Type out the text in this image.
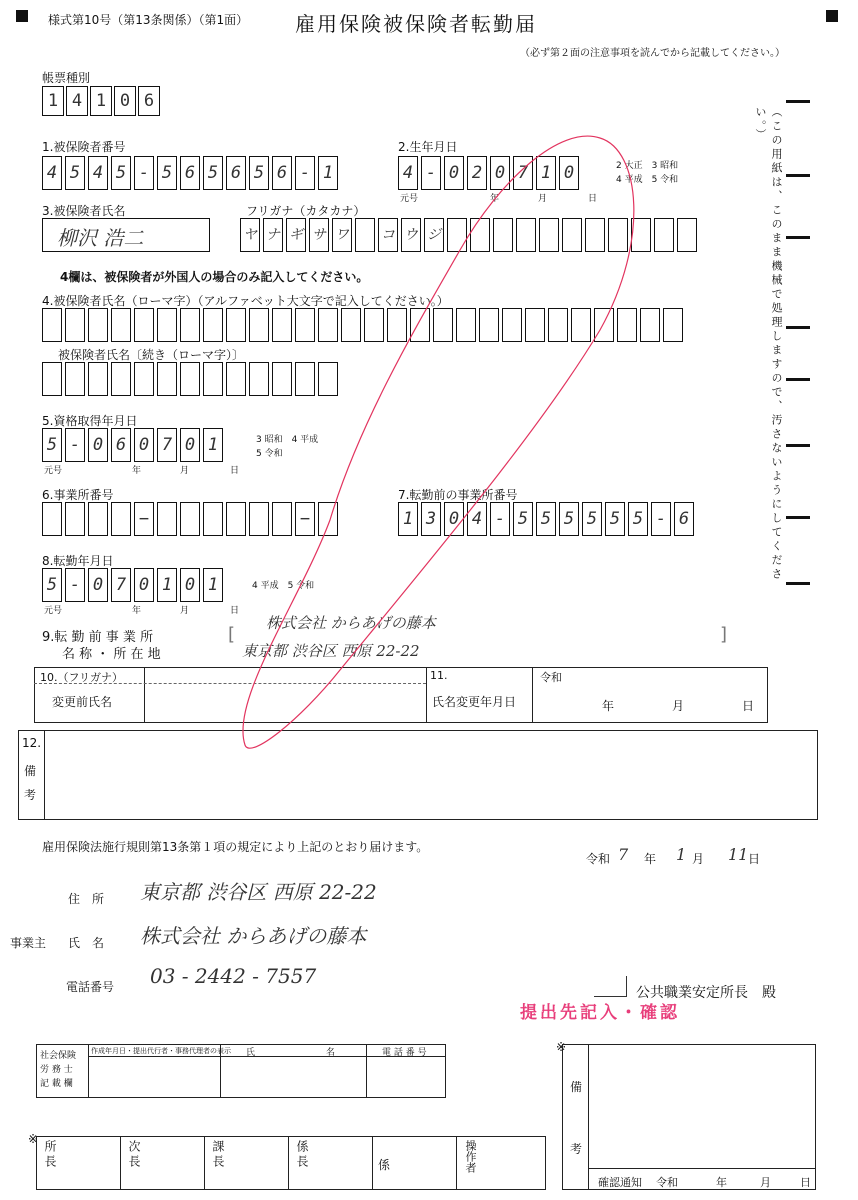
様式第10号（第13条関係）（第1面） 雇用保険被保険者転勤届
（必ず第２面の注意事項を読んでから記載してください。）
帳票種別
1 4 1 0 6
1.被保険者番号
4 5 4 5 - 5 6 5 6 5 6 - 1
2.生年月日
4 - 0 2 0 7 1 0
元号	年	月	日
2 大正　3 昭和
4 平成　5 令和
3.被保険者氏名
柳沢 浩二
フリガナ（カタカナ）
ヤ ナ ギ サ ワ コ ウ ジ
4欄は、被保険者が外国人の場合のみ記入してください。
4.被保険者氏名（ローマ字）（アルファベット大文字で記入してください。）
被保険者氏名〔続き（ローマ字）〕
5.資格取得年月日
5 - 0 6 0 7 0 1
元号	年	月	日
3 昭和　4 平成
5 令和
6.事業所番号
−	−
7.転勤前の事業所番号
1 3 0 4 - 5 5 5 5 5 5 - 6
8.転勤年月日
5 - 0 7 0 1 0 1
元号	年	月	日
4 平成　5 令和
9.転 勤 前 事 業 所
名 称 ・ 所 在 地
[	]
株式会社 からあげの藤本
東京都 渋谷区 西原 22-22
10.（フリガナ）
変更前氏名
11.
氏名変更年月日
令和
年	月	日
12.
備
考
雇用保険法施行規則第13条第１項の規定により上記のとおり届けます。
令和 7 年 1 月 11 日
住　所 東京都 渋谷区 西原 22-22
事業主 氏　名 株式会社 からあげの藤本
電話番号 03 - 2442 - 7557
公共職業安定所長　殿
提出先記入・確認
社会保険
労 務 士
記 載 欄
作成年月日・提出代行者・事務代理者の表示 氏	名	電 話 番 号	※
備
考
確認通知 令和	年	月	日
※
所長	次長	課長	係長	係	操作者
（この用紙は、このまま機械で処理しますので、汚さないようにしてください。）
